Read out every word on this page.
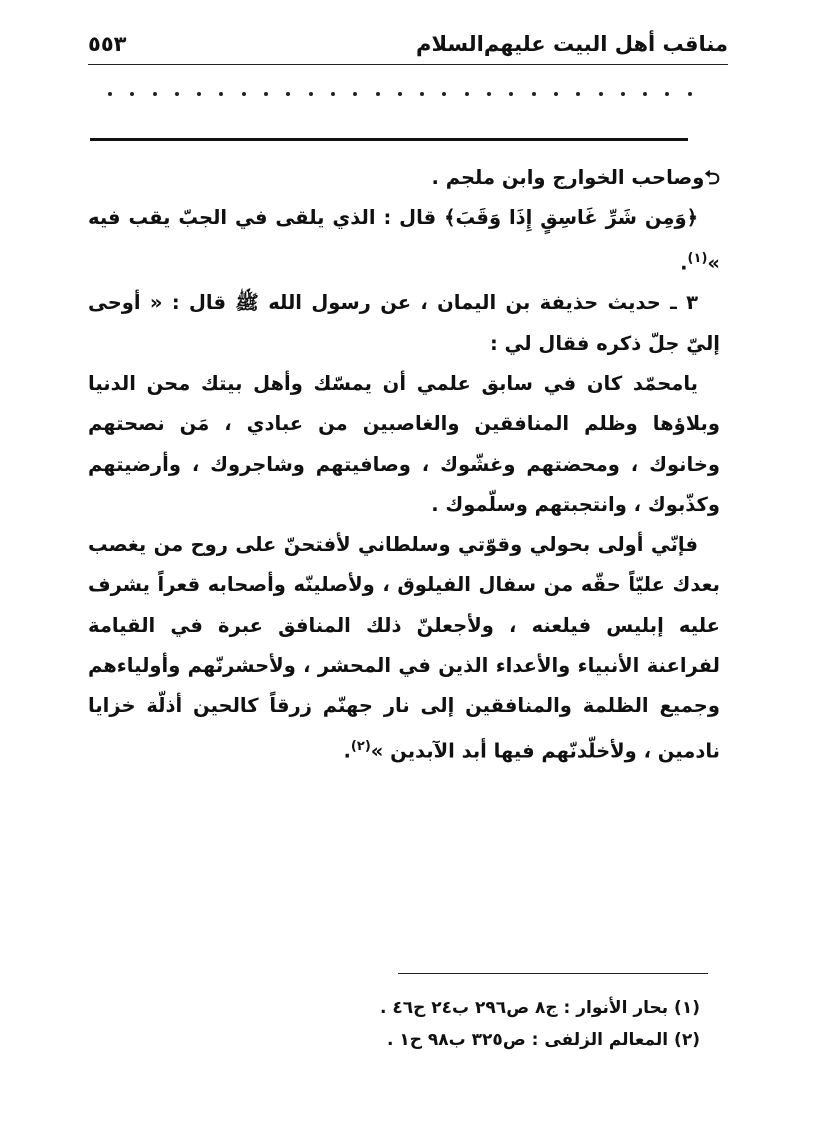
مناقب أهل البيت عليهم‌السلام
٥٥٣

⮌وصاحب الخوارج وابن ملجم .

﴿وَمِن شَرِّ غَاسِقٍ إِذَا وَقَبَ﴾ قال : الذي يلقى في الجبّ يقب فيه »$^{(١)}$.

٣ ـ حديث حذيفة بن اليمان ، عن رسول الله ﷺ قال : « أوحى إليّ جلّ ذكره فقال لي :

يامحمّد كان في سابق علمي أن يمسّك وأهل بيتك محن الدنيا وبلاؤها وظلم المنافقين والغاصبين من عبادي ، مَن نصحتهم وخانوك ، ومحضتهم وغشّوك ، وصافيتهم وشاجروك ، وأرضيتهم وكذّبوك ، وانتجبتهم وسلّموك .

فإنّي أولى بحولي وقوّتي وسلطاني لأفتحنّ على روح من يغصب بعدك عليّاً حقّه من سفال الفيلوق ، ولأصلينّه وأصحابه قعراً يشرف عليه إبليس فيلعنه ، ولأجعلنّ ذلك المنافق عبرة في القيامة لفراعنة الأنبياء والأعداء الذين في المحشر ، ولأحشرنّهم وأولياءهم وجميع الظلمة والمنافقين إلى نار جهنّم زرقاً كالحين أذلّة خزايا نادمين ، ولأخلّدنّهم فيها أبد الآبدين »$^{(٢)}$.

(١) بحار الأنوار : ج٨ ص٢٩٦ ب٢٤ ح٤٦ .

(٢) المعالم الزلفى : ص٣٢٥ ب٩٨ ح١ .
